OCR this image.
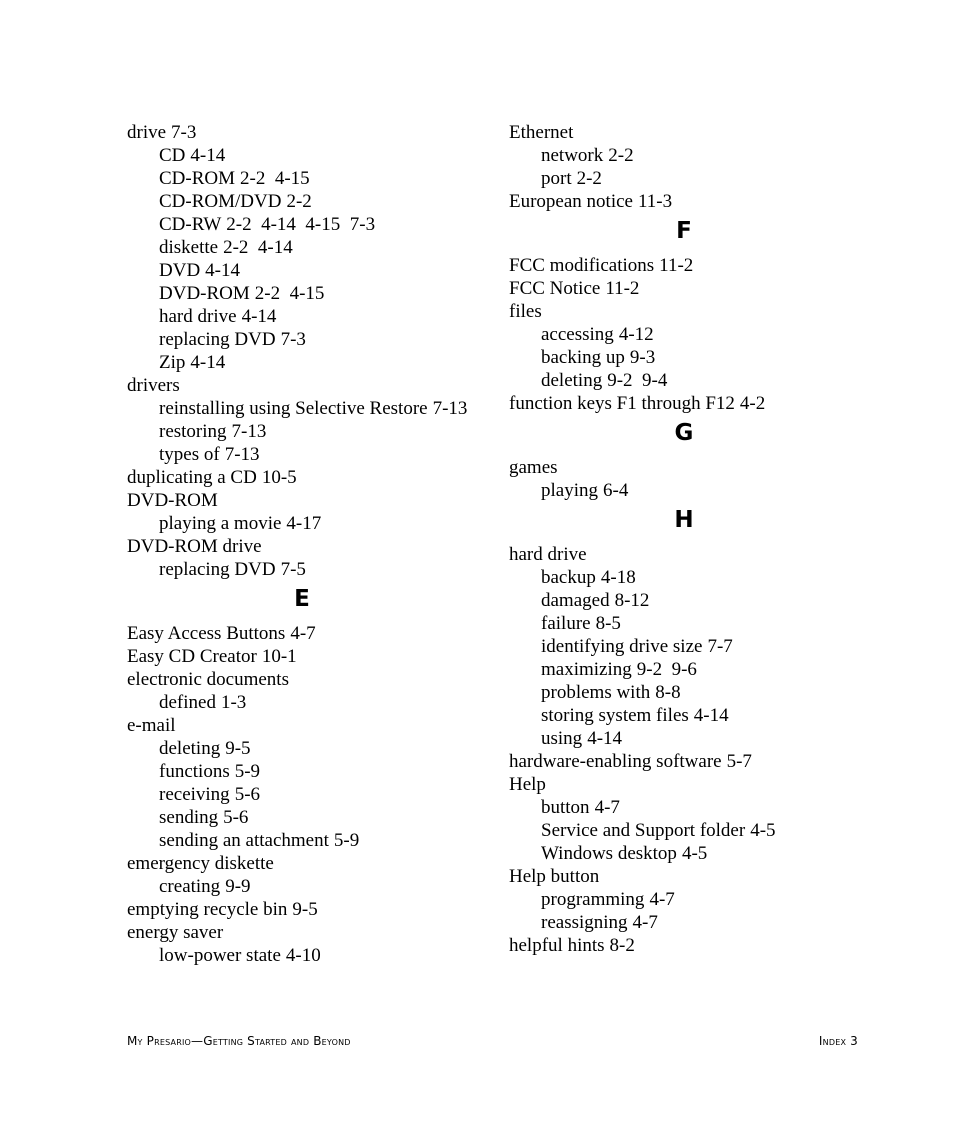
drive 7-3
CD 4-14
CD-ROM 2-2  4-15
CD-ROM/DVD 2-2
CD-RW 2-2  4-14  4-15  7-3
diskette 2-2  4-14
DVD 4-14
DVD-ROM 2-2  4-15
hard drive 4-14
replacing DVD 7-3
Zip 4-14
drivers
reinstalling using Selective Restore 7-13
restoring 7-13
types of 7-13
duplicating a CD 10-5
DVD-ROM
playing a movie 4-17
DVD-ROM drive
replacing DVD 7-5
E
Easy Access Buttons 4-7
Easy CD Creator 10-1
electronic documents
defined 1-3
e-mail
deleting 9-5
functions 5-9
receiving 5-6
sending 5-6
sending an attachment 5-9
emergency diskette
creating 9-9
emptying recycle bin 9-5
energy saver
low-power state 4-10
Ethernet
network 2-2
port 2-2
European notice 11-3
F
FCC modifications 11-2
FCC Notice 11-2
files
accessing 4-12
backing up 9-3
deleting 9-2  9-4
function keys F1 through F12 4-2
G
games
playing 6-4
H
hard drive
backup 4-18
damaged 8-12
failure 8-5
identifying drive size 7-7
maximizing 9-2  9-6
problems with 8-8
storing system files 4-14
using 4-14
hardware-enabling software 5-7
Help
button 4-7
Service and Support folder 4-5
Windows desktop 4-5
Help button
programming 4-7
reassigning 4-7
helpful hints 8-2
My Presario—Getting Started and Beyond	Index 3
